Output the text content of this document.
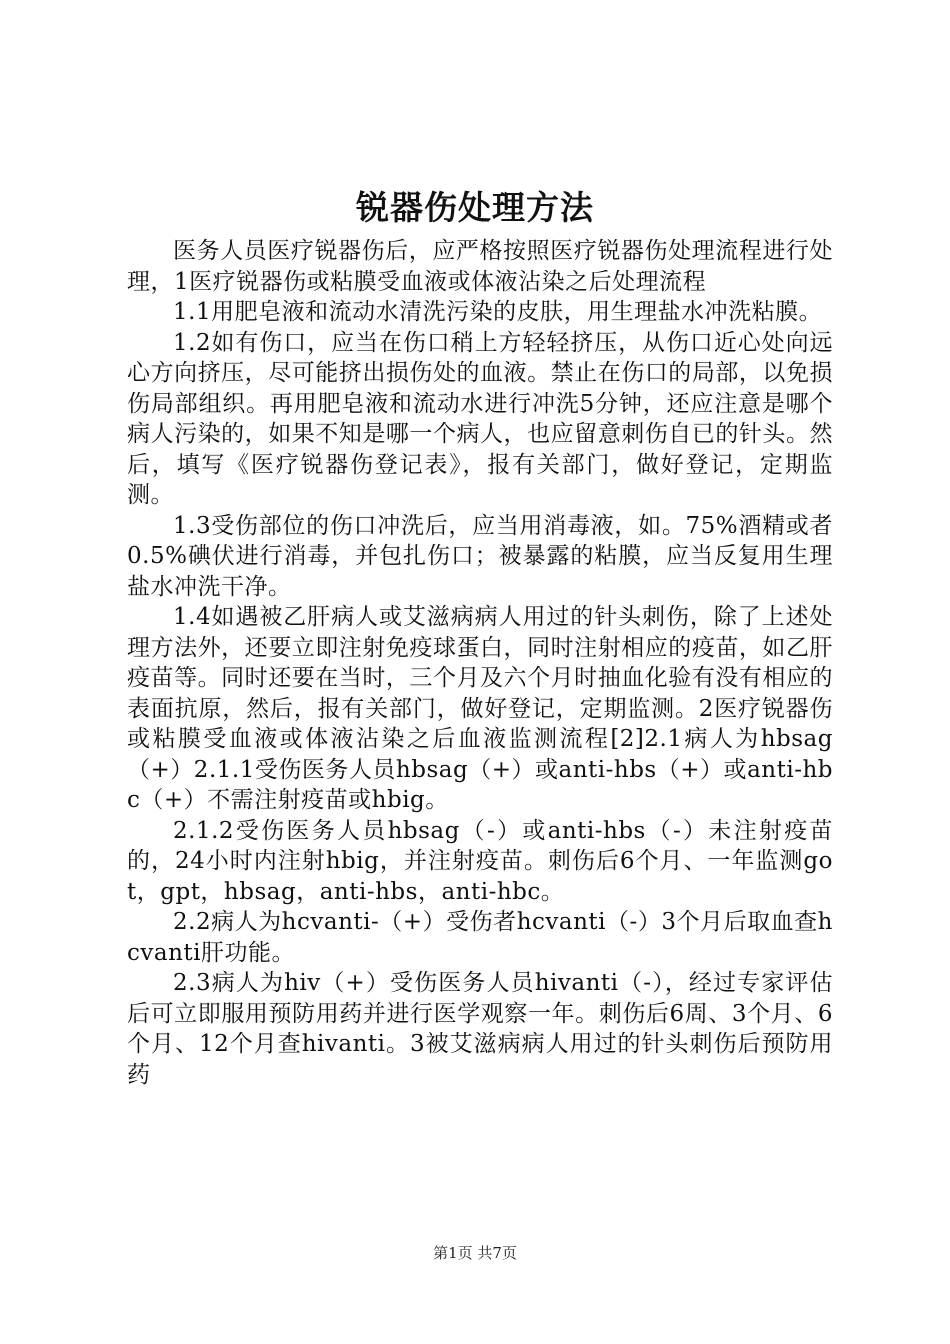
锐器伤处理方法

医务人员医疗锐器伤后，应严格按照医疗锐器伤处理流程进行处理，1医疗锐器伤或粘膜受血液或体液沾染之后处理流程

1.1用肥皂液和流动水清洗污染的皮肤，用生理盐水冲洗粘膜。

1.2如有伤口，应当在伤口稍上方轻轻挤压，从伤口近心处向远心方向挤压，尽可能挤出损伤处的血液。禁止在伤口的局部，以免损伤局部组织。再用肥皂液和流动水进行冲洗5分钟，还应注意是哪个病人污染的，如果不知是哪一个病人，也应留意刺伤自已的针头。然后，填写《医疗锐器伤登记表》，报有关部门，做好登记，定期监测。

1.3受伤部位的伤口冲洗后，应当用消毒液，如。75%酒精或者0.5%碘伏进行消毒，并包扎伤口；被暴露的粘膜，应当反复用生理盐水冲洗干净。

1.4如遇被乙肝病人或艾滋病病人用过的针头刺伤，除了上述处理方法外，还要立即注射免疫球蛋白，同时注射相应的疫苗，如乙肝疫苗等。同时还要在当时，三个月及六个月时抽血化验有没有相应的表面抗原，然后，报有关部门，做好登记，定期监测。2医疗锐器伤或粘膜受血液或体液沾染之后血液监测流程[2]2.1病人为hbsag（+）2.1.1受伤医务人员hbsag（+）或anti-hbs（+）或anti-hbc（+）不需注射疫苗或hbig。

2.1.2受伤医务人员hbsag（-）或anti-hbs（-）未注射疫苗的，24小时内注射hbig，并注射疫苗。刺伤后6个月、一年监测got，gpt，hbsag，anti-hbs，anti-hbc。

2.2病人为hcvanti-（+）受伤者hcvanti（-）3个月后取血查hcvanti肝功能。

2.3病人为hiv（+）受伤医务人员hivanti（-），经过专家评估后可立即服用预防用药并进行医学观察一年。刺伤后6周、3个月、6个月、12个月查hivanti。3被艾滋病病人用过的针头刺伤后预防用药

第1页 共7页
